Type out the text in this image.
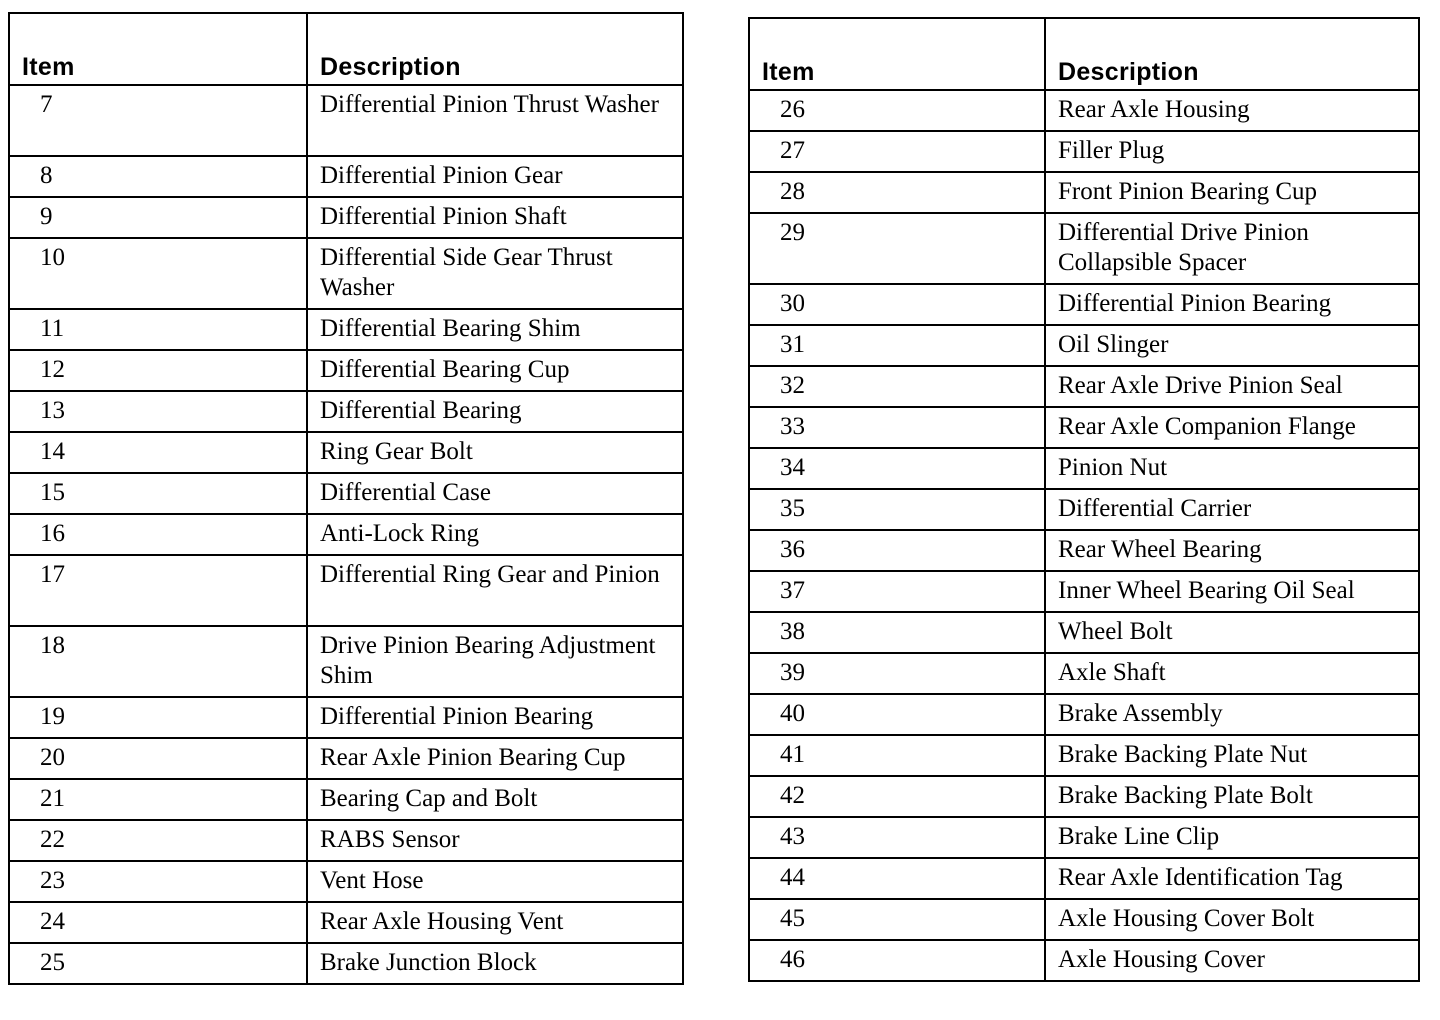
Item	Description
7	Differential Pinion Thrust Washer
8	Differential Pinion Gear
9	Differential Pinion Shaft
10	Differential Side Gear Thrust Washer
11	Differential Bearing Shim
12	Differential Bearing Cup
13	Differential Bearing
14	Ring Gear Bolt
15	Differential Case
16	Anti-Lock Ring
17	Differential Ring Gear and Pinion
18	Drive Pinion Bearing Adjustment Shim
19	Differential Pinion Bearing
20	Rear Axle Pinion Bearing Cup
21	Bearing Cap and Bolt
22	RABS Sensor
23	Vent Hose
24	Rear Axle Housing Vent
25	Brake Junction Block
Item	Description
26	Rear Axle Housing
27	Filler Plug
28	Front Pinion Bearing Cup
29	Differential Drive Pinion Collapsible Spacer
30	Differential Pinion Bearing
31	Oil Slinger
32	Rear Axle Drive Pinion Seal
33	Rear Axle Companion Flange
34	Pinion Nut
35	Differential Carrier
36	Rear Wheel Bearing
37	Inner Wheel Bearing Oil Seal
38	Wheel Bolt
39	Axle Shaft
40	Brake Assembly
41	Brake Backing Plate Nut
42	Brake Backing Plate Bolt
43	Brake Line Clip
44	Rear Axle Identification Tag
45	Axle Housing Cover Bolt
46	Axle Housing Cover
